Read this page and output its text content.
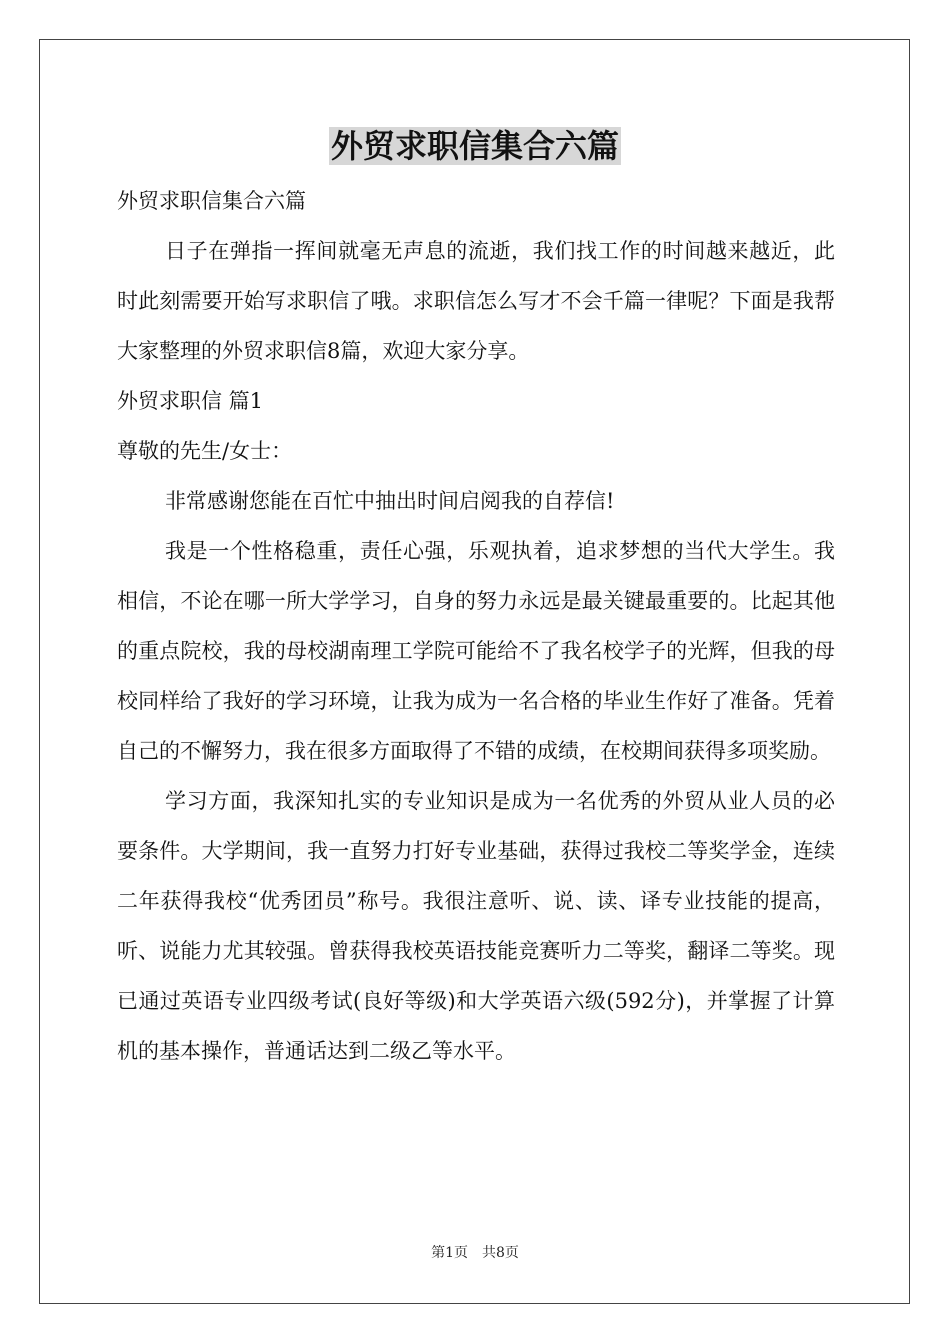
外贸求职信集合六篇

外贸求职信集合六篇

日子在弹指一挥间就毫无声息的流逝，我们找工作的时间越来越近，此时此刻需要开始写求职信了哦。求职信怎么写才不会千篇一律呢？下面是我帮大家整理的外贸求职信8篇，欢迎大家分享。

外贸求职信 篇1

尊敬的先生/女士：

非常感谢您能在百忙中抽出时间启阅我的自荐信!

我是一个性格稳重，责任心强，乐观执着，追求梦想的当代大学生。我相信，不论在哪一所大学学习，自身的努力永远是最关键最重要的。比起其他的重点院校，我的母校湖南理工学院可能给不了我名校学子的光辉，但我的母校同样给了我好的学习环境，让我为成为一名合格的毕业生作好了准备。凭着自己的不懈努力，我在很多方面取得了不错的成绩，在校期间获得多项奖励。

学习方面，我深知扎实的专业知识是成为一名优秀的外贸从业人员的必要条件。大学期间，我一直努力打好专业基础，获得过我校二等奖学金，连续二年获得我校“优秀团员”称号。我很注意听、说、读、译专业技能的提高，听、说能力尤其较强。曾获得我校英语技能竞赛听力二等奖，翻译二等奖。现已通过英语专业四级考试(良好等级)和大学英语六级(592分)，并掌握了计算机的基本操作，普通话达到二级乙等水平。

第1页　共8页
